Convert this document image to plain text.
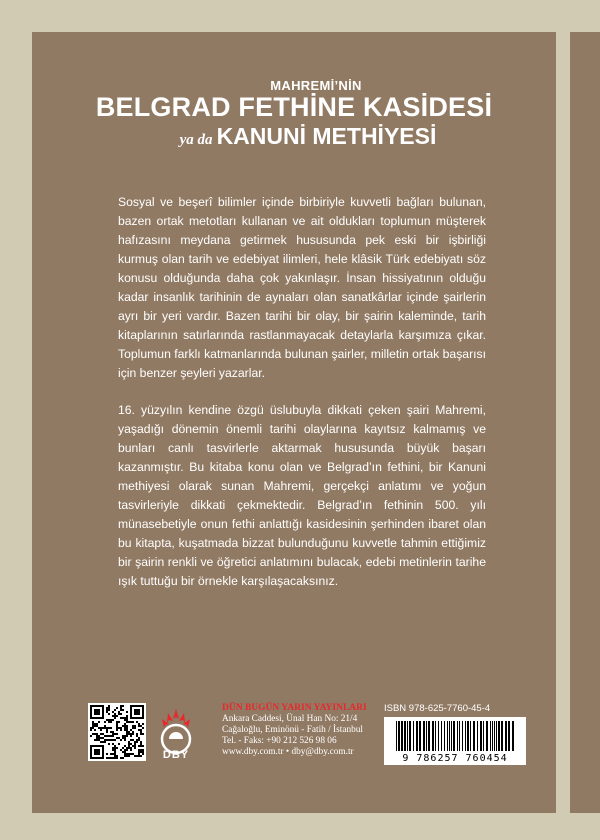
MAHREMİ’NİN
BELGRAD FETHİNE KASİDESİ
ya da KANUNİ METHİYESİ

Sosyal ve beşerî bilimler içinde birbiriyle kuvvetli bağları bulunan, bazen ortak metotları kullanan ve ait oldukları toplumun müşterek hafızasını meydana getirmek hususunda pek eski bir işbirliği kurmuş olan tarih ve edebiyat ilimleri, hele klâsik Türk edebiyatı söz konusu olduğunda daha çok yakınlaşır. İnsan hissiyatının olduğu kadar insanlık tarihinin de aynaları olan sanatkârlar içinde şairlerin ayrı bir yeri vardır. Bazen tarihi bir olay, bir şairin kaleminde, tarih kitaplarının satırlarında rastlanmayacak detaylarla karşımıza çıkar. Toplumun farklı katmanlarında bulunan şairler, milletin ortak başarısı için benzer şeyleri yazarlar.

16. yüzyılın kendine özgü üslubuyla dikkati çeken şairi Mahremi, yaşadığı dönemin önemli tarihi olaylarına kayıtsız kalmamış ve bunları canlı tasvirlerle aktarmak hususunda büyük başarı kazanmıştır. Bu kitaba konu olan ve Belgrad’ın fethini, bir Kanuni methiyesi olarak sunan Mahremi, gerçekçi anlatımı ve yoğun tasvirleriyle dikkati çekmektedir. Belgrad’ın fethinin 500. yılı münasebetiyle onun fethi anlattığı kasidesinin şerhinden ibaret olan bu kitapta, kuşatmada bizzat bulunduğunu kuvvetle tahmin ettiğimiz bir şairin renkli ve öğretici anlatımını bulacak, edebi metinlerin tarihe ışık tuttuğu bir örnekle karşılaşacaksınız.

DBY
DÜN BUGÜN YARIN YAYINLARI
Ankara Caddesi, Ünal Han No: 21/4
Cağaloğlu, Eminönü - Fatih / İstanbul
Tel. - Faks: +90 212 526 98 06
www.dby.com.tr • dby@dby.com.tr
ISBN 978-625-7760-45-4
9 786257 760454
